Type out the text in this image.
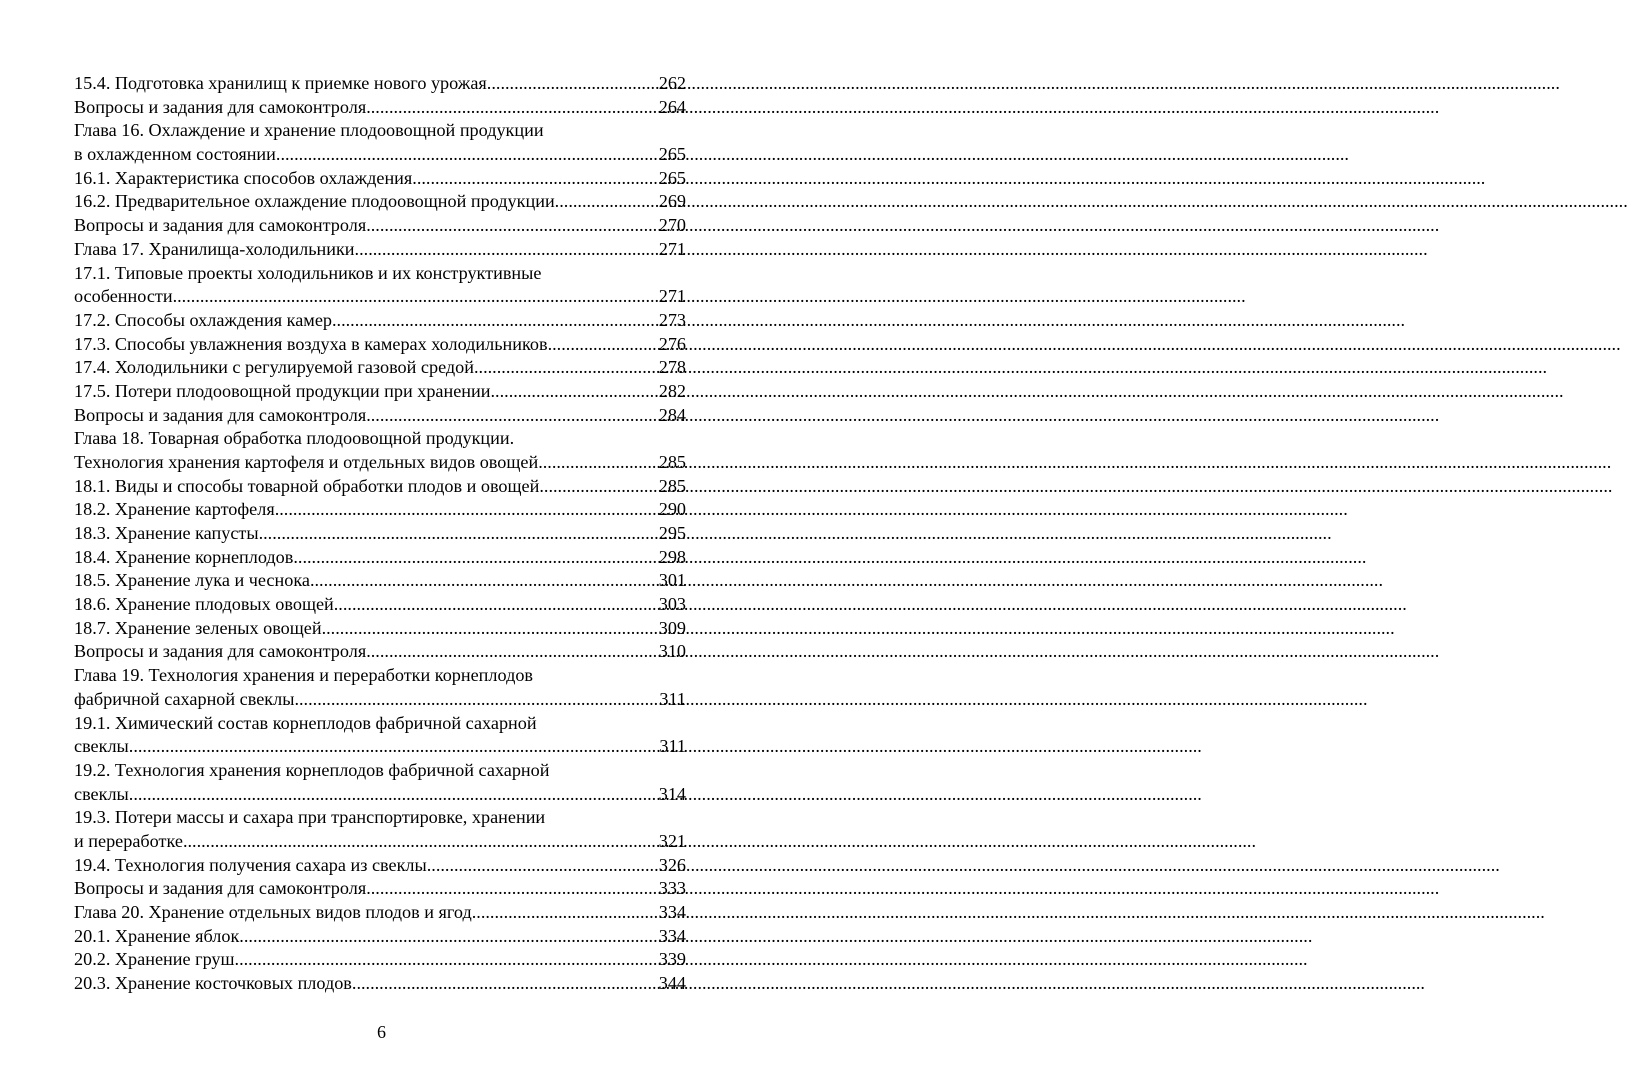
15.4. Подготовка хранилищ к приемке нового урожая .....	262
Вопросы и задания для самоконтроля .....	264
Глава 16. Охлаждение и хранение плодоовощной продукции
в охлажденном состоянии .....	265
16.1. Характеристика способов охлаждения .....	265
16.2. Предварительное охлаждение плодоовощной продукции .....	269
Вопросы и задания для самоконтроля .....	270
Глава 17. Хранилища-холодильники .....	271
17.1. Типовые проекты холодильников и их конструктивные
особенности .....	271
17.2. Способы охлаждения камер .....	273
17.3. Способы увлажнения воздуха в камерах холодильников .....	276
17.4. Холодильники с регулируемой газовой средой .....	278
17.5. Потери плодоовощной продукции при хранении .....	282
Вопросы и задания для самоконтроля .....	284
Глава 18. Товарная обработка плодоовощной продукции.
Технология хранения картофеля и отдельных видов овощей .....	285
18.1. Виды и способы товарной обработки плодов и овощей .....	285
18.2. Хранение картофеля .....	290
18.3. Хранение капусты .....	295
18.4. Хранение корнеплодов .....	298
18.5. Хранение лука и чеснока .....	301
18.6. Хранение плодовых овощей .....	303
18.7. Хранение зеленых овощей .....	309
Вопросы и задания для самоконтроля .....	310
Глава 19. Технология хранения и переработки корнеплодов
фабричной сахарной свеклы .....	311
19.1. Химический состав корнеплодов фабричной сахарной
свеклы .....	311
19.2. Технология хранения корнеплодов фабричной сахарной
свеклы .....	314
19.3. Потери массы и сахара при транспортировке, хранении
и переработке .....	321
19.4. Технология получения сахара из свеклы .....	326
Вопросы и задания для самоконтроля .....	333
Глава 20. Хранение отдельных видов плодов и ягод .....	334
20.1. Хранение яблок .....	334
20.2. Хранение груш .....	339
20.3. Хранение косточковых плодов .....	344
6
